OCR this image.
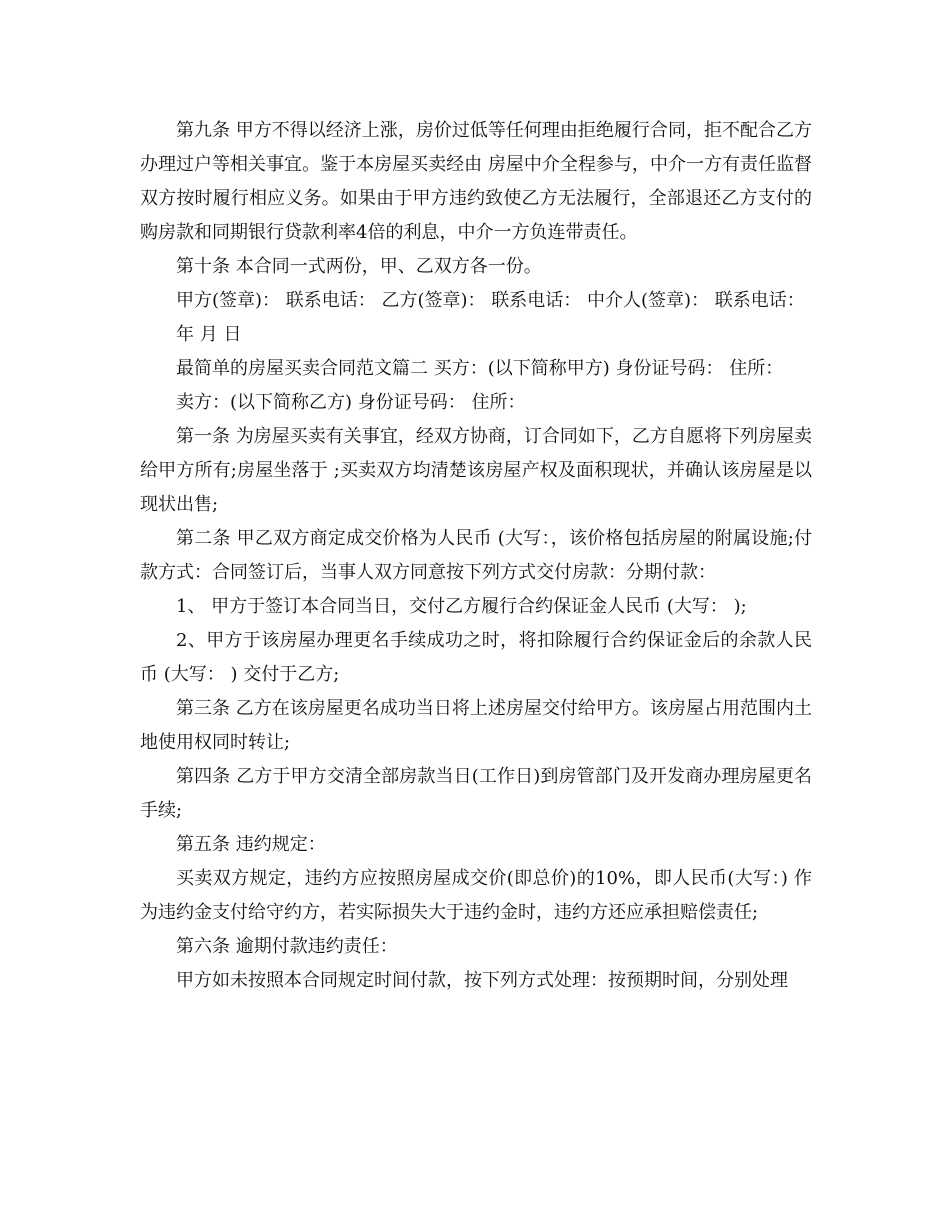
第九条 甲方不得以经济上涨，房价过低等任何理由拒绝履行合同，拒不配合乙方办理过户等相关事宜。鉴于本房屋买卖经由 房屋中介全程参与，中介一方有责任监督双方按时履行相应义务。如果由于甲方违约致使乙方无法履行，全部退还乙方支付的购房款和同期银行贷款利率4倍的利息，中介一方负连带责任。

第十条 本合同一式两份，甲、乙双方各一份。

甲方(签章)： 联系电话： 乙方(签章)： 联系电话： 中介人(签章)： 联系电话：

年 月 日

最简单的房屋买卖合同范文篇二 买方：(以下简称甲方) 身份证号码： 住所：

卖方：(以下简称乙方) 身份证号码： 住所：

第一条 为房屋买卖有关事宜，经双方协商，订合同如下，乙方自愿将下列房屋卖给甲方所有;房屋坐落于 ;买卖双方均清楚该房屋产权及面积现状，并确认该房屋是以现状出售;

第二条 甲乙双方商定成交价格为人民币 (大写：，该价格包括房屋的附属设施;付款方式：合同签订后，当事人双方同意按下列方式交付房款：分期付款：

1、 甲方于签订本合同当日，交付乙方履行合约保证金人民币 (大写： );

2、甲方于该房屋办理更名手续成功之时，将扣除履行合约保证金后的余款人民币 (大写： ) 交付于乙方;

第三条 乙方在该房屋更名成功当日将上述房屋交付给甲方。该房屋占用范围内土地使用权同时转让;

第四条 乙方于甲方交清全部房款当日(工作日)到房管部门及开发商办理房屋更名手续;

第五条 违约规定：

买卖双方规定，违约方应按照房屋成交价(即总价)的10%，即人民币(大写：) 作为违约金支付给守约方，若实际损失大于违约金时，违约方还应承担赔偿责任;

第六条 逾期付款违约责任：

甲方如未按照本合同规定时间付款，按下列方式处理：按预期时间，分别处理
